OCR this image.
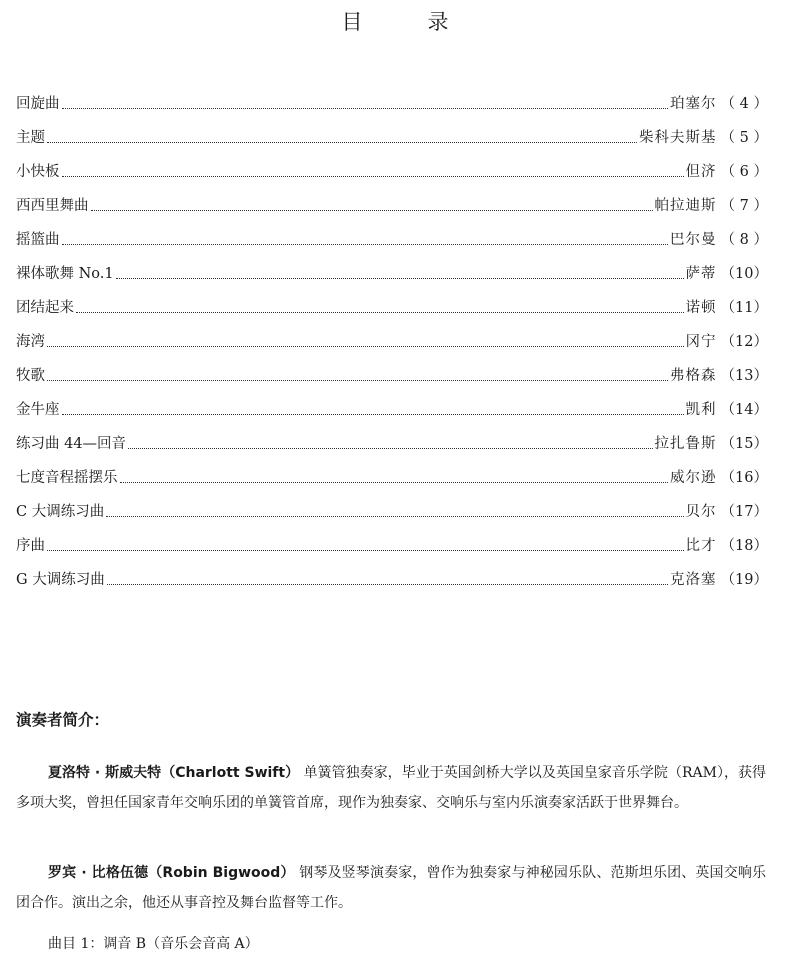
目　录
回旋曲	珀塞尔 （ 4 ）
主题	柴科夫斯基 （ 5 ）
小快板	但济 （ 6 ）
西西里舞曲	帕拉迪斯 （ 7 ）
摇篮曲	巴尔曼 （ 8 ）
裸体歌舞 No.1	萨蒂 （10）
团结起来	诺顿 （11）
海湾	冈宁 （12）
牧歌	弗格森 （13）
金牛座	凯利 （14）
练习曲 44—回音	拉扎鲁斯 （15）
七度音程摇摆乐	威尔逊 （16）
C 大调练习曲	贝尔 （17）
序曲	比才 （18）
G 大调练习曲	克洛塞 （19）
演奏者简介：
夏洛特 · 斯威夫特（Charlott Swift） 单簧管独奏家，毕业于英国剑桥大学以及英国皇家音乐学院（RAM），获得多项大奖，曾担任国家青年交响乐团的单簧管首席，现作为独奏家、交响乐与室内乐演奏家活跃于世界舞台。
罗宾 · 比格伍德（Robin Bigwood） 钢琴及竖琴演奏家，曾作为独奏家与神秘园乐队、范斯坦乐团、英国交响乐团合作。演出之余，他还从事音控及舞台监督等工作。
曲目 1：调音 B（音乐会音高 A）
